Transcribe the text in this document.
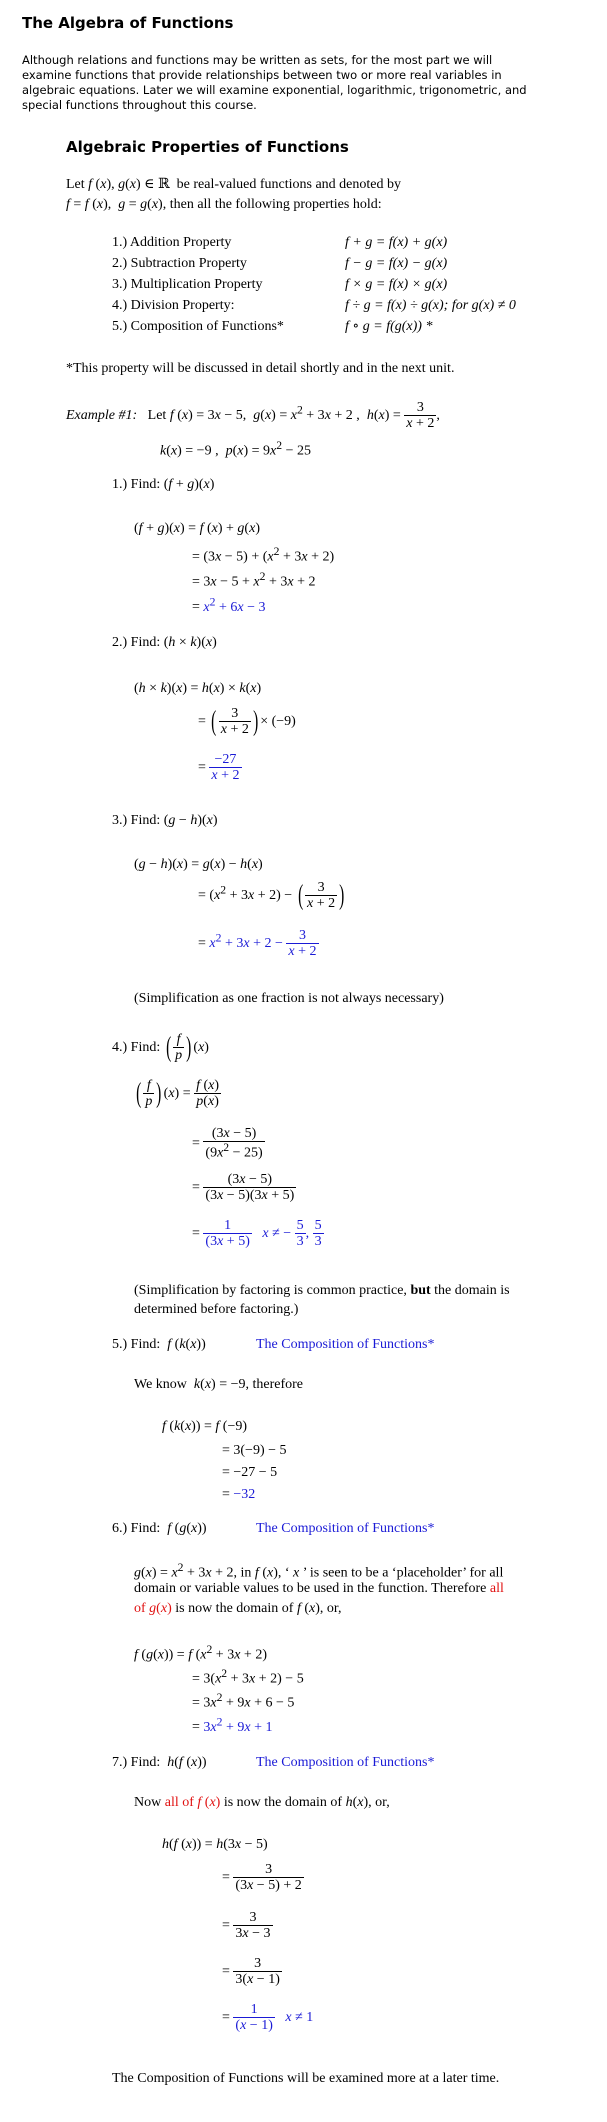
The Algebra of Functions
Although relations and functions may be written as sets, for the most part we will
examine functions that provide relationships between two or more real variables in
algebraic equations. Later we will examine exponential, logarithmic, trigonometric, and
special functions throughout this course.
Algebraic Properties of Functions
Let f (x), g(x) ∈ ℝ  be real-valued functions and denoted by
f = f (x),  g = g(x), then all the following properties hold:
1.) Addition Property	f + g = f(x) + g(x)
2.) Subtraction Property	f − g = f(x) − g(x)
3.) Multiplication Property	f × g = f(x) × g(x)
4.) Division Property:	f ÷ g = f(x) ÷ g(x); for g(x) ≠ 0
5.) Composition of Functions*	f ∘ g = f(g(x)) *
*This property will be discussed in detail shortly and in the next unit.
Example #1:   Let f (x) = 3x − 5,  $g(x) = x^2 + 3x + 2$ ,  $h(x) = \frac{3}{x + 2}$ ,
k(x) = −9 ,  $p(x) = 9x^2 - 25$
1.) Find: (f + g)(x)
(f + g)(x) = f (x) + g(x)
= $(3x - 5) + (x^2 + 3x + 2)$
= $3x - 5 + x^2 + 3x + 2$
= $x^2 + 6x - 3$
2.) Find: (h × k)(x)
(h × k)(x) = h(x) × k(x)
= ( $\frac{3}{x + 2}$ ) × (−9)
= $\frac{-27}{x + 2}$
3.) Find: (g − h)(x)
(g − h)(x) = g(x) − h(x)
= $(x^2 + 3x + 2)$ − ( $\frac{3}{x + 2}$ )
= $x^2 + 3x + 2 - \frac{3}{x + 2}$
(Simplification as one fraction is not always necessary)
4.) Find: ( $\frac{f}{p}$ ) (x)
( $\frac{f}{p}$ ) $(x) = \frac{f (x)}{p(x)}$
= $\frac{(3x - 5)}{(9x^2 - 25)}$
= $\frac{(3x - 5)}{(3x - 5)(3x + 5)}$
= $\frac{1}{(3x + 5)}$ x ≠ − $\frac{5}{3}$ , $\frac{5}{3}$
(Simplification by factoring is common practice, but the domain is
determined before factoring.)
5.) Find: f (k(x))	The Composition of Functions*
We know k(x) = −9, therefore
f (k(x)) = f (−9)
= 3(−9) − 5
= −27 − 5
= −32
6.) Find: f (g(x))	The Composition of Functions*
$g(x) = x^2 + 3x + 2$, in f (x), ‘ x ’ is seen to be a ‘placeholder’ for all
domain or variable values to be used in the function. Therefore all
of g(x) is now the domain of f (x), or,
f (g(x)) = f $(x^2 + 3x + 2)$
= $3(x^2 + 3x + 2) - 5$
= $3x^2 + 9x + 6 - 5$
= $3x^2 + 9x + 1$
7.) Find: h(f (x))	The Composition of Functions*
Now all of f (x) is now the domain of h(x), or,
h(f (x)) = h(3x − 5)
= $\frac{3}{(3x - 5) + 2}$
= $\frac{3}{3x - 3}$
= $\frac{3}{3(x - 1)}$
= $\frac{1}{(x - 1)}$ x ≠ 1
The Composition of Functions will be examined more at a later time.
